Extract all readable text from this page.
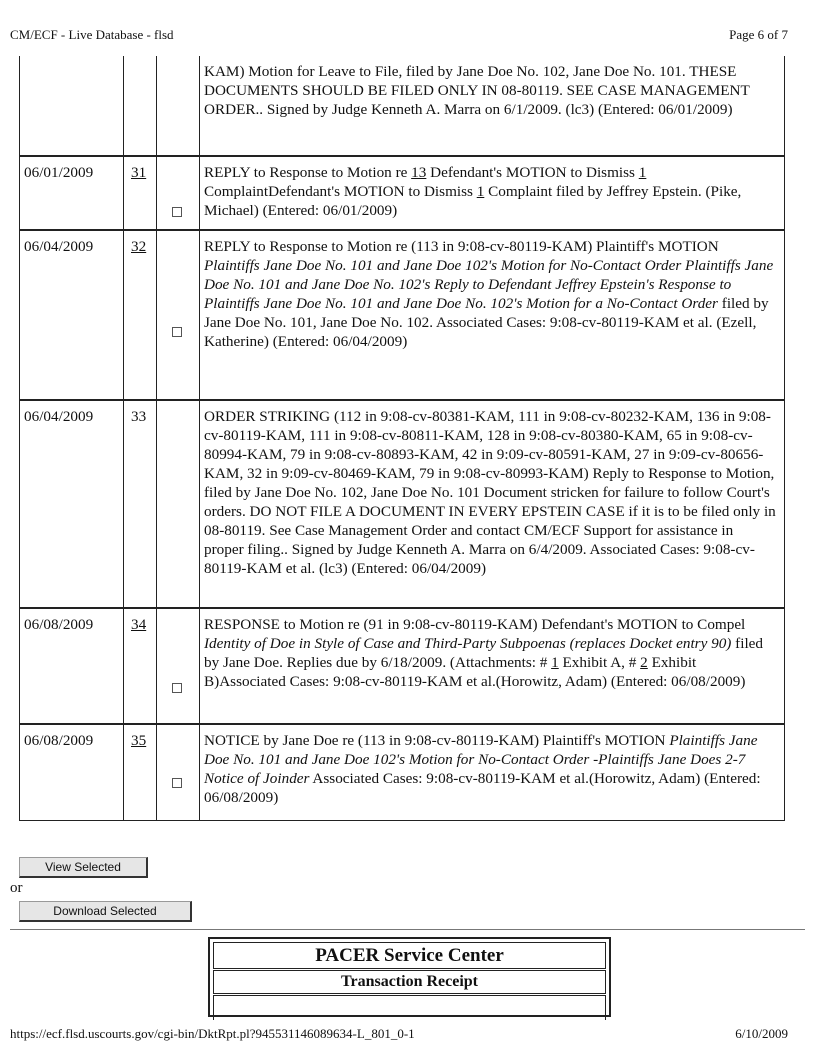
CM/ECF - Live Database - flsd	Page 6 of 7
			KAM) Motion for Leave to File, filed by Jane Doe No. 102, Jane Doe No. 101. THESE DOCUMENTS SHOULD BE FILED ONLY IN 08-80119. SEE CASE MANAGEMENT ORDER.. Signed by Judge Kenneth A. Marra on 6/1/2009. (lc3) (Entered: 06/01/2009)
06/01/2009	31		REPLY to Response to Motion re 13 Defendant's MOTION to Dismiss 1 ComplaintDefendant's MOTION to Dismiss 1 Complaint filed by Jeffrey Epstein. (Pike, Michael) (Entered: 06/01/2009)
06/04/2009	32		REPLY to Response to Motion re (113 in 9:08-cv-80119-KAM) Plaintiff's MOTION Plaintiffs Jane Doe No. 101 and Jane Doe 102's Motion for No-Contact Order Plaintiffs Jane Doe No. 101 and Jane Doe No. 102's Reply to Defendant Jeffrey Epstein's Response to Plaintiffs Jane Doe No. 101 and Jane Doe No. 102's Motion for a No-Contact Order filed by Jane Doe No. 101, Jane Doe No. 102. Associated Cases: 9:08-cv-80119-KAM et al. (Ezell, Katherine) (Entered: 06/04/2009)
06/04/2009	33		ORDER STRIKING (112 in 9:08-cv-80381-KAM, 111 in 9:08-cv-80232-KAM, 136 in 9:08-cv-80119-KAM, 111 in 9:08-cv-80811-KAM, 128 in 9:08-cv-80380-KAM, 65 in 9:08-cv-80994-KAM, 79 in 9:08-cv-80893-KAM, 42 in 9:09-cv-80591-KAM, 27 in 9:09-cv-80656-KAM, 32 in 9:09-cv-80469-KAM, 79 in 9:08-cv-80993-KAM) Reply to Response to Motion, filed by Jane Doe No. 102, Jane Doe No. 101 Document stricken for failure to follow Court's orders. DO NOT FILE A DOCUMENT IN EVERY EPSTEIN CASE if it is to be filed only in 08-80119. See Case Management Order and contact CM/ECF Support for assistance in proper filing.. Signed by Judge Kenneth A. Marra on 6/4/2009. Associated Cases: 9:08-cv-80119-KAM et al. (lc3) (Entered: 06/04/2009)
06/08/2009	34		RESPONSE to Motion re (91 in 9:08-cv-80119-KAM) Defendant's MOTION to Compel Identity of Doe in Style of Case and Third-Party Subpoenas (replaces Docket entry 90) filed by Jane Doe. Replies due by 6/18/2009. (Attachments: # 1 Exhibit A, # 2 Exhibit B)Associated Cases: 9:08-cv-80119-KAM et al.(Horowitz, Adam) (Entered: 06/08/2009)
06/08/2009	35		NOTICE by Jane Doe re (113 in 9:08-cv-80119-KAM) Plaintiff's MOTION Plaintiffs Jane Doe No. 101 and Jane Doe 102's Motion for No-Contact Order -Plaintiffs Jane Does 2-7 Notice of Joinder Associated Cases: 9:08-cv-80119-KAM et al.(Horowitz, Adam) (Entered: 06/08/2009)
View Selected
or
Download Selected
PACER Service Center
Transaction Receipt
https://ecf.flsd.uscourts.gov/cgi-bin/DktRpt.pl?945531146089634-L_801_0-1	6/10/2009
